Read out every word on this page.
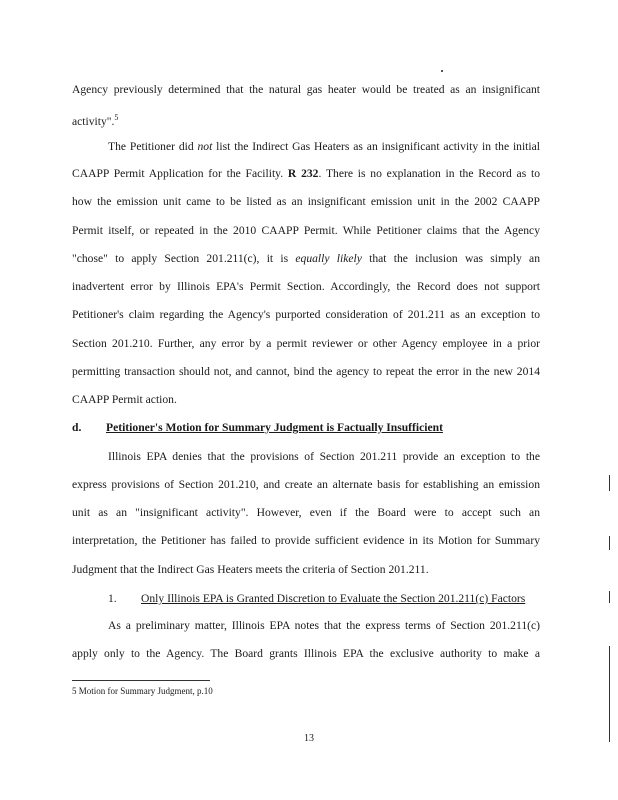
Agency previously determined that the natural gas heater would be treated as an insignificant
activity".$^5$
The Petitioner did not list the Indirect Gas Heaters as an insignificant activity in the initial
CAAPP Permit Application for the Facility. R 232. There is no explanation in the Record as to
how the emission unit came to be listed as an insignificant emission unit in the 2002 CAAPP
Permit itself, or repeated in the 2010 CAAPP Permit. While Petitioner claims that the Agency
"chose" to apply Section 201.211(c), it is equally likely that the inclusion was simply an
inadvertent error by Illinois EPA's Permit Section. Accordingly, the Record does not support
Petitioner's claim regarding the Agency's purported consideration of 201.211 as an exception to
Section 201.210. Further, any error by a permit reviewer or other Agency employee in a prior
permitting transaction should not, and cannot, bind the agency to repeat the error in the new 2014
CAAPP Permit action.
d. Petitioner's Motion for Summary Judgment is Factually Insufficient
Illinois EPA denies that the provisions of Section 201.211 provide an exception to the
express provisions of Section 201.210, and create an alternate basis for establishing an emission
unit as an "insignificant activity". However, even if the Board were to accept such an
interpretation, the Petitioner has failed to provide sufficient evidence in its Motion for Summary
Judgment that the Indirect Gas Heaters meets the criteria of Section 201.211.
1. Only Illinois EPA is Granted Discretion to Evaluate the Section 201.211(c) Factors
As a preliminary matter, Illinois EPA notes that the express terms of Section 201.211(c)
apply only to the Agency. The Board grants Illinois EPA the exclusive authority to make a
5 Motion for Summary Judgment, p.10
13
